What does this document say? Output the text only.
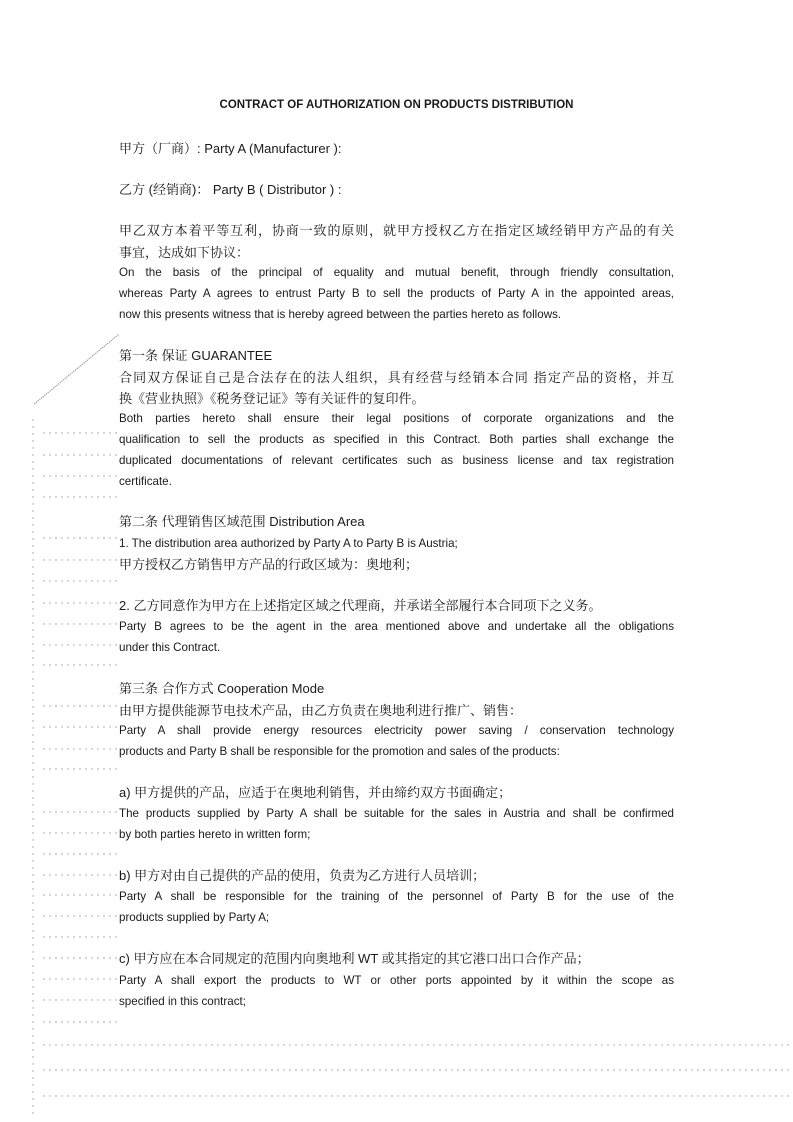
CONTRACT OF AUTHORIZATION ON PRODUCTS DISTRIBUTION
甲方（厂商）: Party A (Manufacturer ):
乙方 (经销商)： Party B ( Distributor ) :
甲乙双方本着平等互利，协商一致的原则，就甲方授权乙方在指定区域经销甲方产品的有关
事宜，达成如下协议：
On the basis of the principal of equality and mutual benefit, through friendly consultation,
whereas Party A agrees to entrust Party B to sell the products of Party A in the appointed areas,
now this presents witness that is hereby agreed between the parties hereto as follows.
第一条 保证 GUARANTEE
合同双方保证自己是合法存在的法人组织，具有经营与经销本合同 指定产品的资格，并互
换《营业执照》《税务登记证》等有关证件的复印件。
Both parties hereto shall ensure their legal positions of corporate organizations and the
qualification to sell the products as specified in this Contract. Both parties shall exchange the
duplicated documentations of relevant certificates such as business license and tax registration
certificate.
第二条 代理销售区域范围 Distribution Area
1. The distribution area authorized by Party A to Party B is Austria;
甲方授权乙方销售甲方产品的行政区域为：奥地利；
2. 乙方同意作为甲方在上述指定区域之代理商，并承诺全部履行本合同项下之义务。
Party B agrees to be the agent in the area mentioned above and undertake all the obligations
under this Contract.
第三条 合作方式 Cooperation Mode
由甲方提供能源节电技术产品，由乙方负责在奥地利进行推广、销售：
Party A shall provide energy resources electricity power saving / conservation technology
products and Party B shall be responsible for the promotion and sales of the products:
a) 甲方提供的产品，应适于在奥地利销售，并由缔约双方书面确定；
The products supplied by Party A shall be suitable for the sales in Austria and shall be confirmed
by both parties hereto in written form;
b) 甲方对由自己提供的产品的使用，负责为乙方进行人员培训；
Party A shall be responsible for the training of the personnel of Party B for the use of the
products supplied by Party A;
c) 甲方应在本合同规定的范围内向奥地利 WT 或其指定的其它港口出口合作产品；
Party A shall export the products to WT or other ports appointed by it within the scope as
specified in this contract;
